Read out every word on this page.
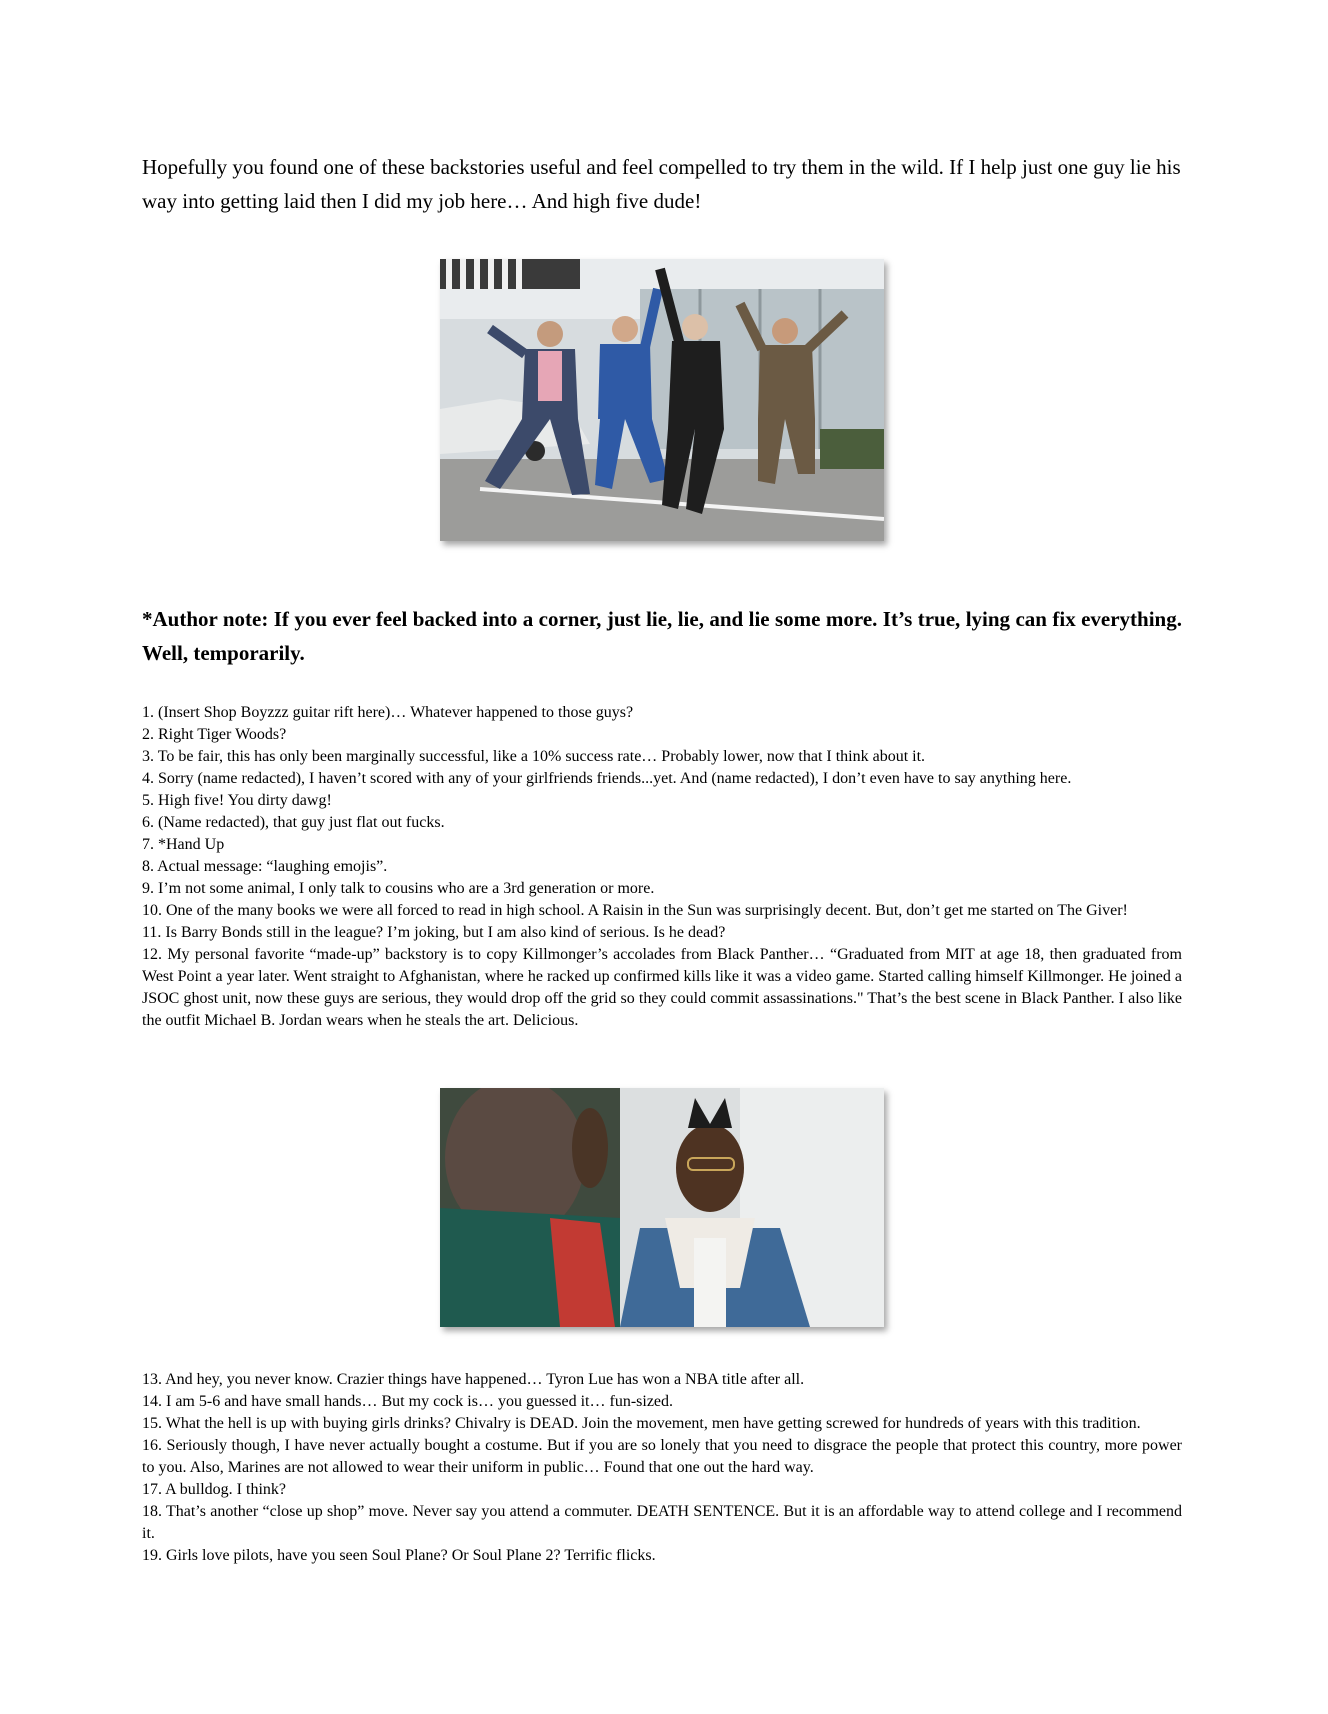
Hopefully you found one of these backstories useful and feel compelled to try them in the wild. If I help just one guy lie his way into getting laid then I did my job here… And high five dude!

*Author note: If you ever feel backed into a corner, just lie, lie, and lie some more. It’s true, lying can fix everything. Well, temporarily.

1. (Insert Shop Boyzzz guitar rift here)… Whatever happened to those guys?
2. Right Tiger Woods?
3. To be fair, this has only been marginally successful, like a 10% success rate… Probably lower, now that I think about it.
4. Sorry (name redacted), I haven’t scored with any of your girlfriends friends...yet. And (name redacted), I don’t even have to say anything here.
5. High five! You dirty dawg!
6. (Name redacted), that guy just flat out fucks.
7. *Hand Up
8. Actual message: “laughing emojis”.
9. I’m not some animal, I only talk to cousins who are a 3rd generation or more.
10. One of the many books we were all forced to read in high school. A Raisin in the Sun was surprisingly decent. But, don’t get me started on The Giver!
11. Is Barry Bonds still in the league? I’m joking, but I am also kind of serious. Is he dead?
12. My personal favorite “made-up” backstory is to copy Killmonger’s accolades from Black Panther… “Graduated from MIT at age 18, then graduated from West Point a year later. Went straight to Afghanistan, where he racked up confirmed kills like it was a video game. Started calling himself Killmonger. He joined a JSOC ghost unit, now these guys are serious, they would drop off the grid so they could commit assassinations." That’s the best scene in Black Panther. I also like the outfit Michael B. Jordan wears when he steals the art. Delicious.
13. And hey, you never know. Crazier things have happened… Tyron Lue has won a NBA title after all.
14. I am 5-6 and have small hands… But my cock is… you guessed it… fun-sized.
15. What the hell is up with buying girls drinks? Chivalry is DEAD. Join the movement, men have getting screwed for hundreds of years with this tradition.
16. Seriously though, I have never actually bought a costume. But if you are so lonely that you need to disgrace the people that protect this country, more power to you. Also, Marines are not allowed to wear their uniform in public… Found that one out the hard way.
17. A bulldog. I think?
18. That’s another “close up shop” move. Never say you attend a commuter. DEATH SENTENCE. But it is an affordable way to attend college and I recommend it.
19. Girls love pilots, have you seen Soul Plane? Or Soul Plane 2? Terrific flicks.
